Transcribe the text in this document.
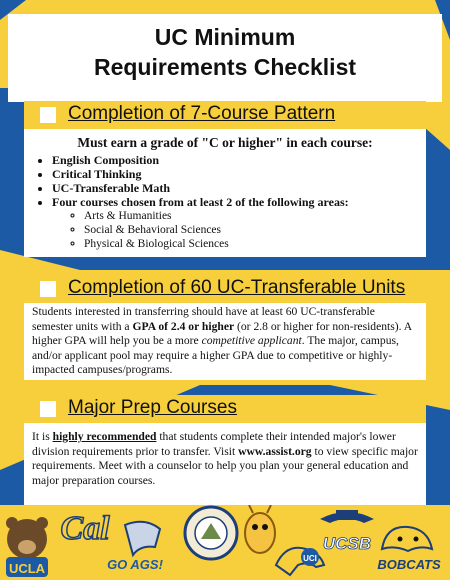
UC Minimum
Requirements Checklist
Completion of 7-Course Pattern
Must earn a grade of "C or higher" in each course:
• English Composition
• Critical Thinking
• UC-Transferable Math
• Four courses chosen from at least 2 of the following areas:
◦ Arts & Humanities
◦ Social & Behavioral Sciences
◦ Physical & Biological Sciences
Completion of 60 UC-Transferable Units
Students interested in transferring should have at least 60 UC-transferable semester units with a GPA of 2.4 or higher (or 2.8 or higher for non-residents). A higher GPA will help you be a more competitive applicant. The major, campus, and/or applicant pool may require a higher GPA due to competitive or highly-impacted campuses/programs.
Major Prep Courses
It is highly recommended that students complete their intended major's lower division requirements prior to transfer. Visit www.assist.org to view specific major requirements. Meet with a counselor to help you plan your general education and major preparation courses.
UCLA
Cal
GO AGS!	UCI
UCSB
BOBCATS
